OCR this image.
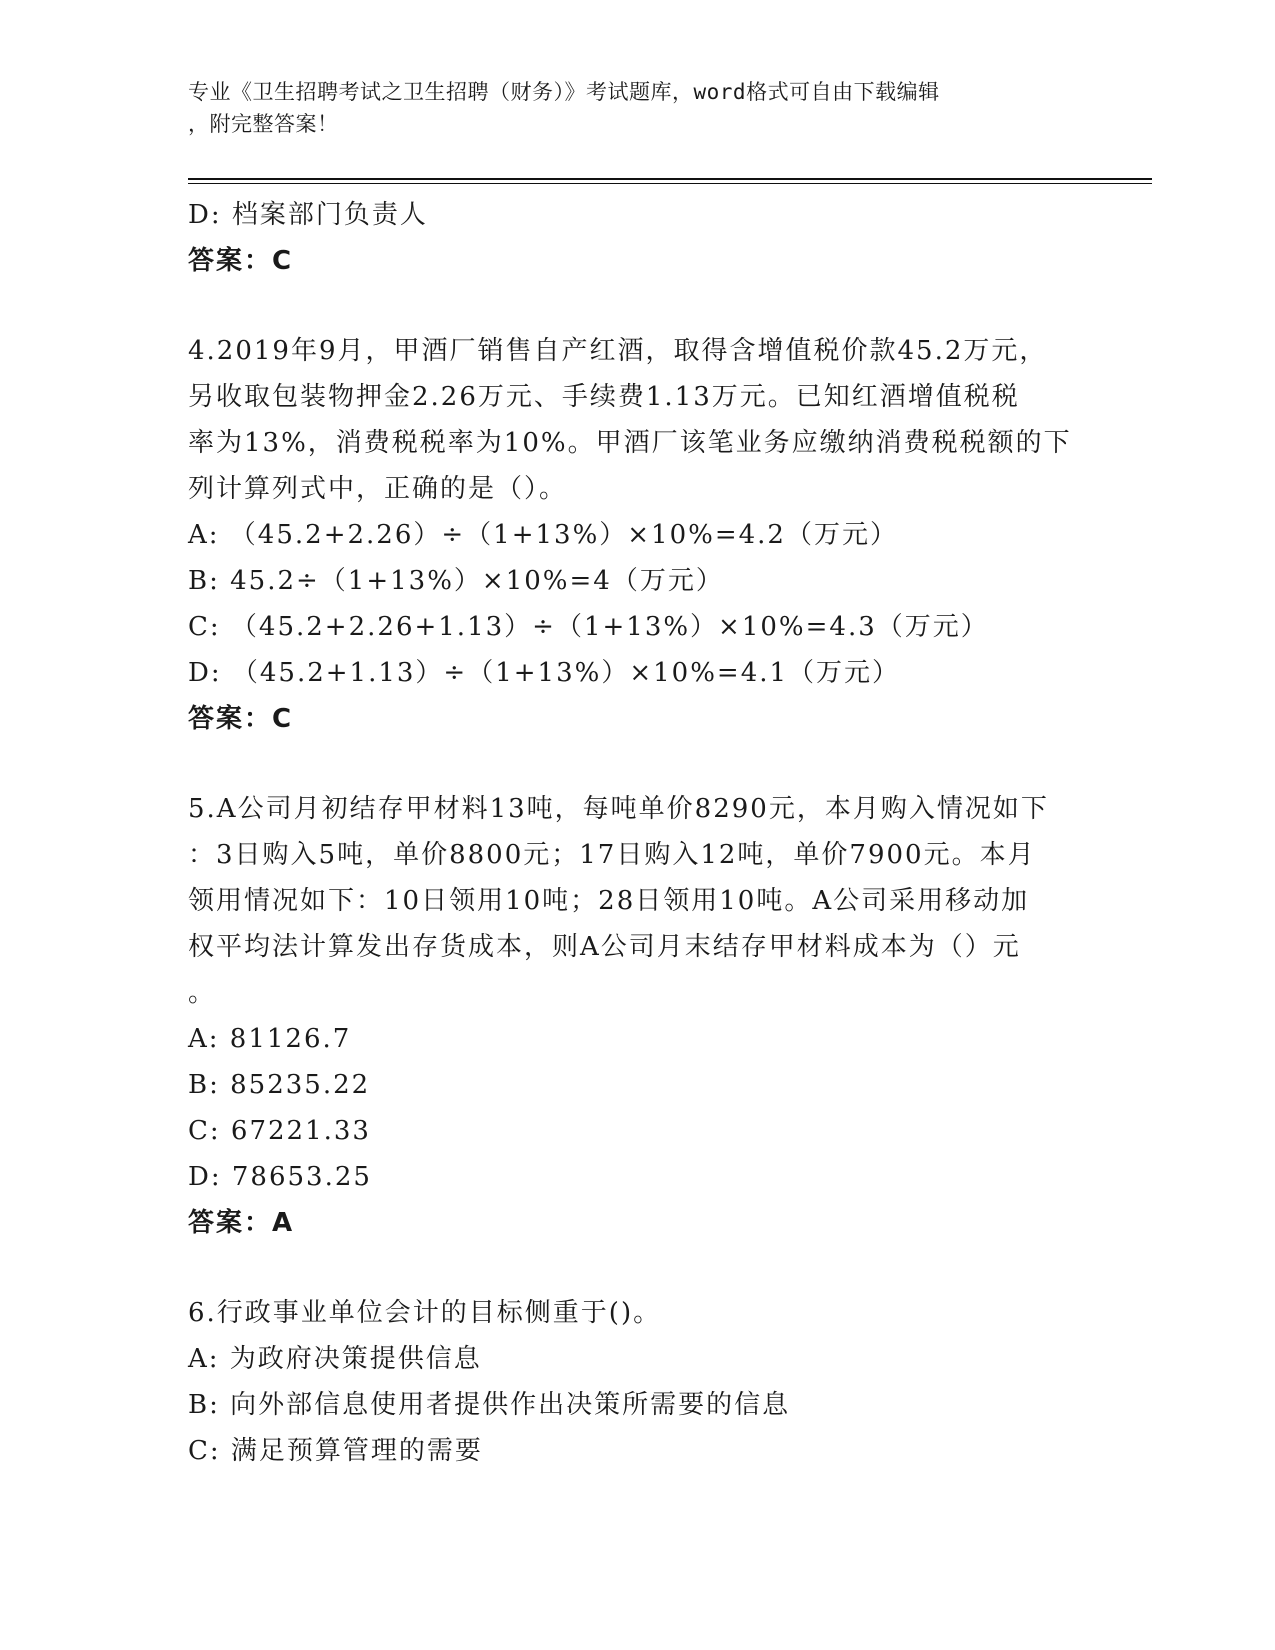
专业《卫生招聘考试之卫生招聘（财务）》考试题库，word格式可自由下载编辑
，附完整答案！
D: 档案部门负责人
答案：C
4.2019年9月，甲酒厂销售自产红酒，取得含增值税价款45.2万元，
另收取包装物押金2.26万元、手续费1.13万元。已知红酒增值税税
率为13%，消费税税率为10%。甲酒厂该笔业务应缴纳消费税税额的下
列计算列式中，正确的是（）。
A: （45.2+2.26）÷（1+13%）×10%=4.2（万元）
B: 45.2÷（1+13%）×10%=4（万元）
C: （45.2+2.26+1.13）÷（1+13%）×10%=4.3（万元）
D: （45.2+1.13）÷（1+13%）×10%=4.1（万元）
答案：C
5.A公司月初结存甲材料13吨，每吨单价8290元，本月购入情况如下
：3日购入5吨，单价8800元；17日购入12吨，单价7900元。本月
领用情况如下：10日领用10吨；28日领用10吨。A公司采用移动加
权平均法计算发出存货成本，则A公司月末结存甲材料成本为（）元
。
A: 81126.7
B: 85235.22
C: 67221.33
D: 78653.25
答案：A
6.行政事业单位会计的目标侧重于()。
A: 为政府决策提供信息
B: 向外部信息使用者提供作出决策所需要的信息
C: 满足预算管理的需要
